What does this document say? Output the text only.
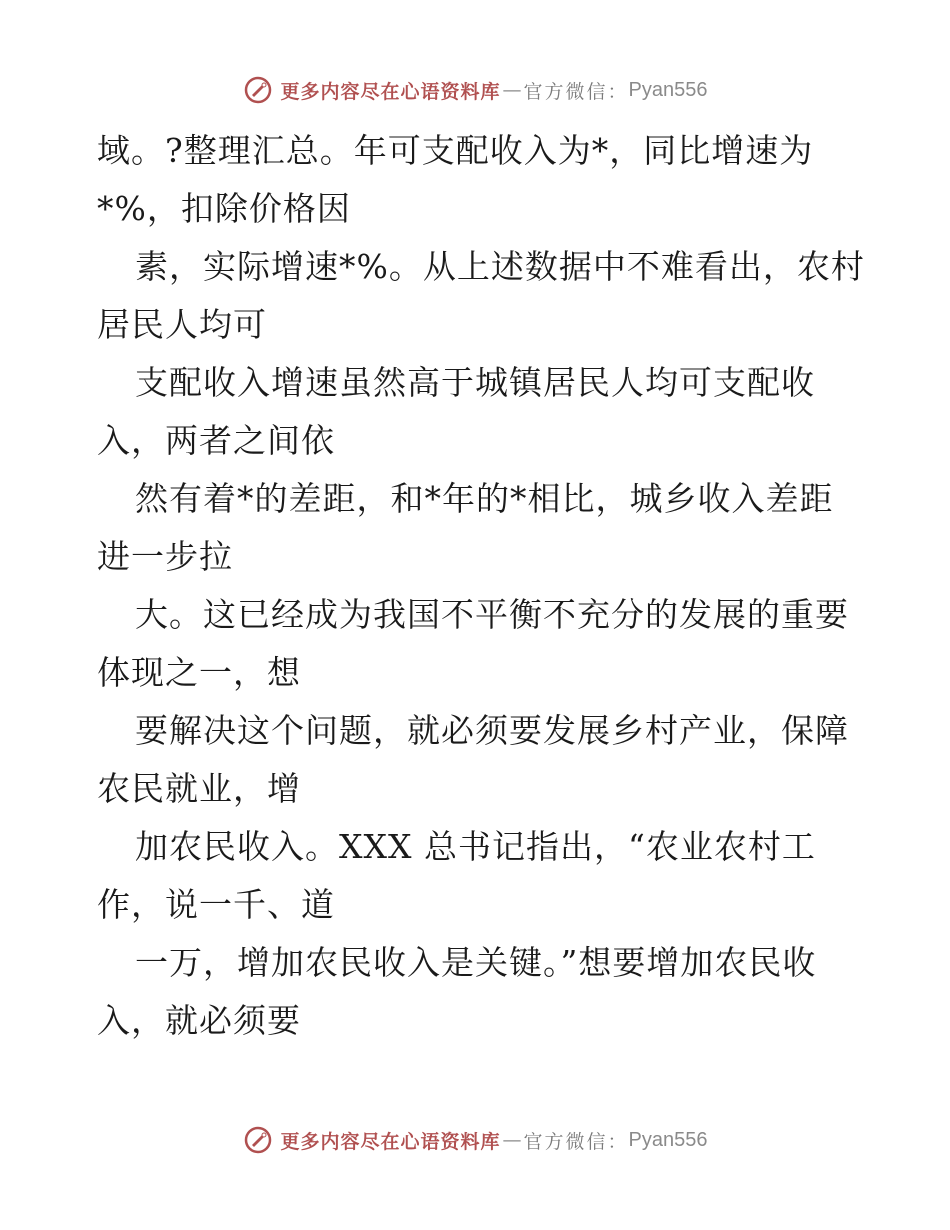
更多内容尽在心语资料库 — 官方微信： Pyan556
域。?整理汇总。年可支配收入为*，同比增速为
*%，扣除价格因
素，实际增速*%。从上述数据中不难看出，农村
居民人均可
支配收入增速虽然高于城镇居民人均可支配收
入，两者之间依
然有着*的差距，和*年的*相比，城乡收入差距
进一步拉
大。这已经成为我国不平衡不充分的发展的重要
体现之一，想
要解决这个问题，就必须要发展乡村产业，保障
农民就业，增
加农民收入。XXX 总书记指出，“农业农村工
作，说一千、道
一万，增加农民收入是关键。”想要增加农民收
入，就必须要
更多内容尽在心语资料库 — 官方微信： Pyan556
